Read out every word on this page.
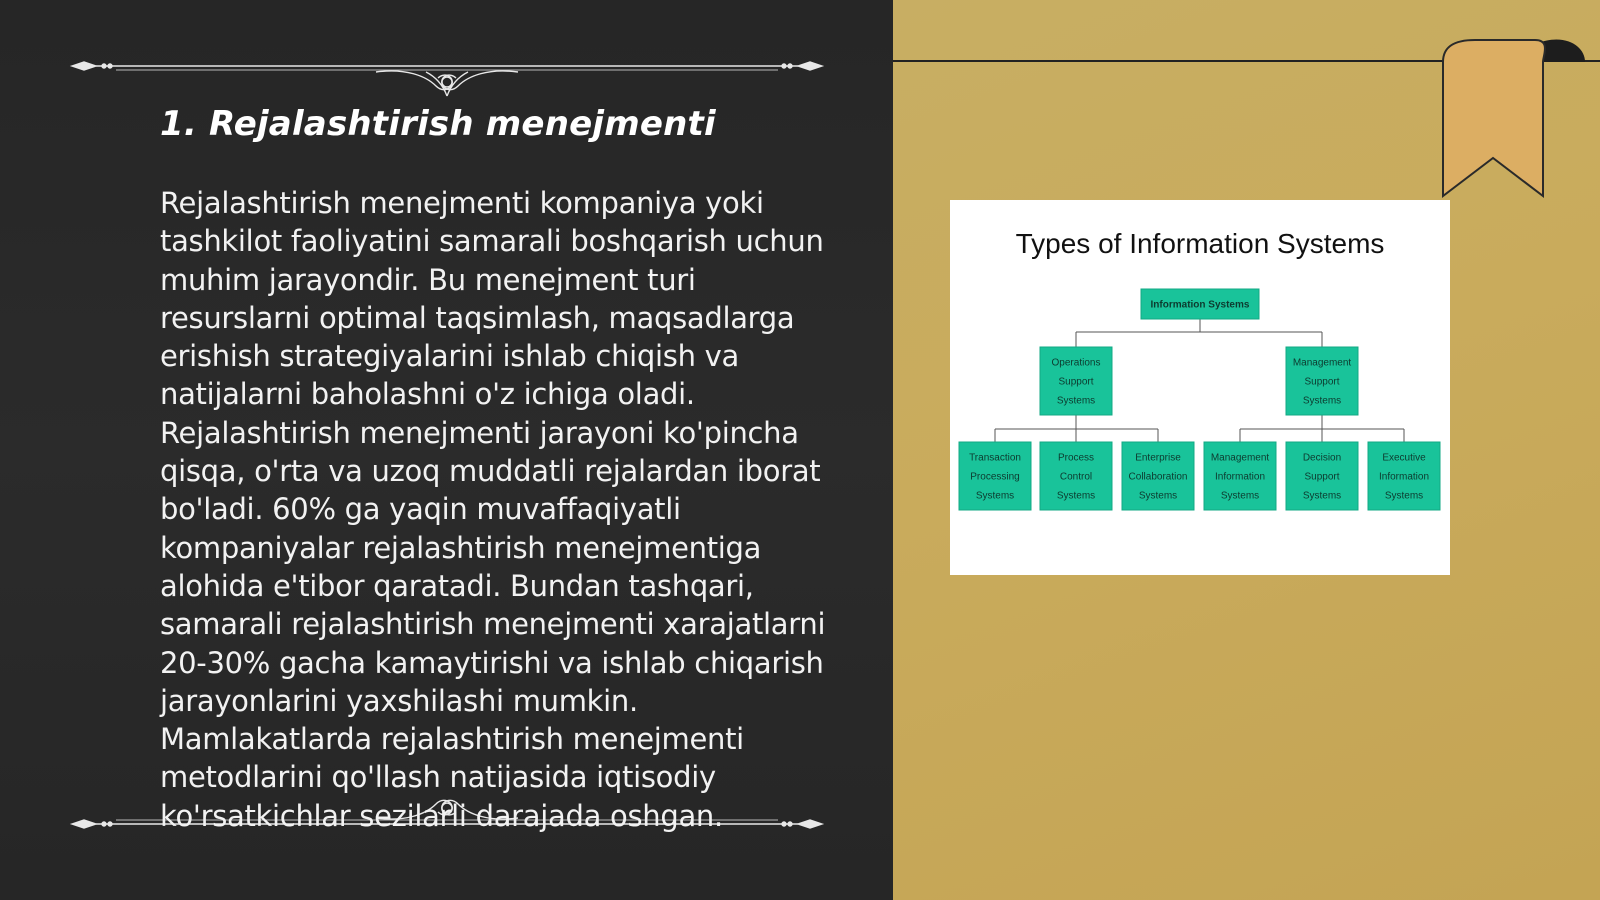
1. Rejalashtirish menejmenti
Rejalashtirish menejmenti kompaniya yoki tashkilot faoliyatini samarali boshqarish uchun muhim jarayondir. Bu menejment turi resurslarni optimal taqsimlash, maqsadlarga erishish strategiyalarini ishlab chiqish va natijalarni baholashni o'z ichiga oladi. Rejalashtirish menejmenti jarayoni ko'pincha qisqa, o'rta va uzoq muddatli rejalardan iborat bo'ladi. 60% ga yaqin muvaffaqiyatli kompaniyalar rejalashtirish menejmentiga alohida e'tibor qaratadi. Bundan tashqari, samarali rejalashtirish menejmenti xarajatlarni 20-30% gacha kamaytirishi va ishlab chiqarish jarayonlarini yaxshilashi mumkin. Mamlakatlarda rejalashtirish menejmenti metodlarini qo'llash natijasida iqtisodiy ko'rsatkichlar sezilarli darajada oshgan.
Types of Information Systems
Information Systems
Operations
Support
Systems
Management
Support
Systems
Transaction
Processing
Systems
Process
Control
Systems
Enterprise
Collaboration
Systems
Management
Information
Systems
Decision
Support
Systems
Executive
Information
Systems
